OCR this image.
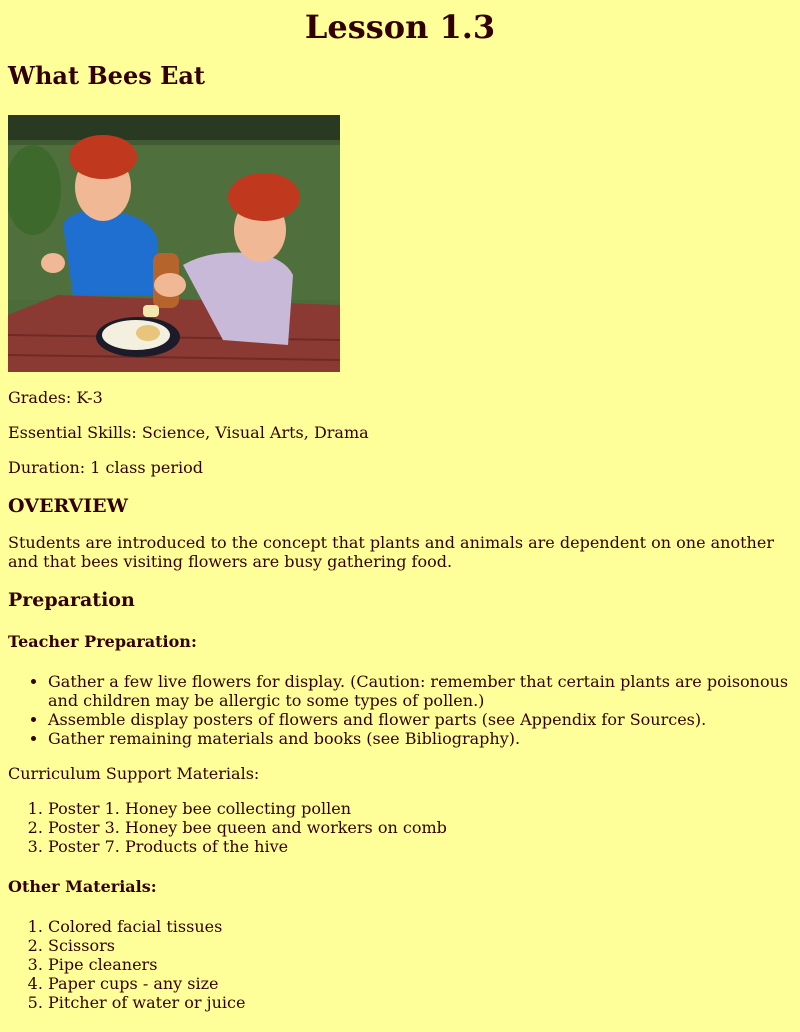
Lesson 1.3
What Bees Eat

Grades: K-3

Essential Skills: Science, Visual Arts, Drama

Duration: 1 class period

OVERVIEW

Students are introduced to the concept that plants and animals are dependent on one another and that bees visiting flowers are busy gathering food.

Preparation
Teacher Preparation:
• Gather a few live flowers for display. (Caution: remember that certain plants are poisonous and children may be allergic to some types of pollen.)
• Assemble display posters of flowers and flower parts (see Appendix for Sources).
• Gather remaining materials and books (see Bibliography).

Curriculum Support Materials:

1. Poster 1. Honey bee collecting pollen
2. Poster 3. Honey bee queen and workers on comb
3. Poster 7. Products of the hive
Other Materials:
1. Colored facial tissues
2. Scissors
3. Pipe cleaners
4. Paper cups - any size
5. Pitcher of water or juice
